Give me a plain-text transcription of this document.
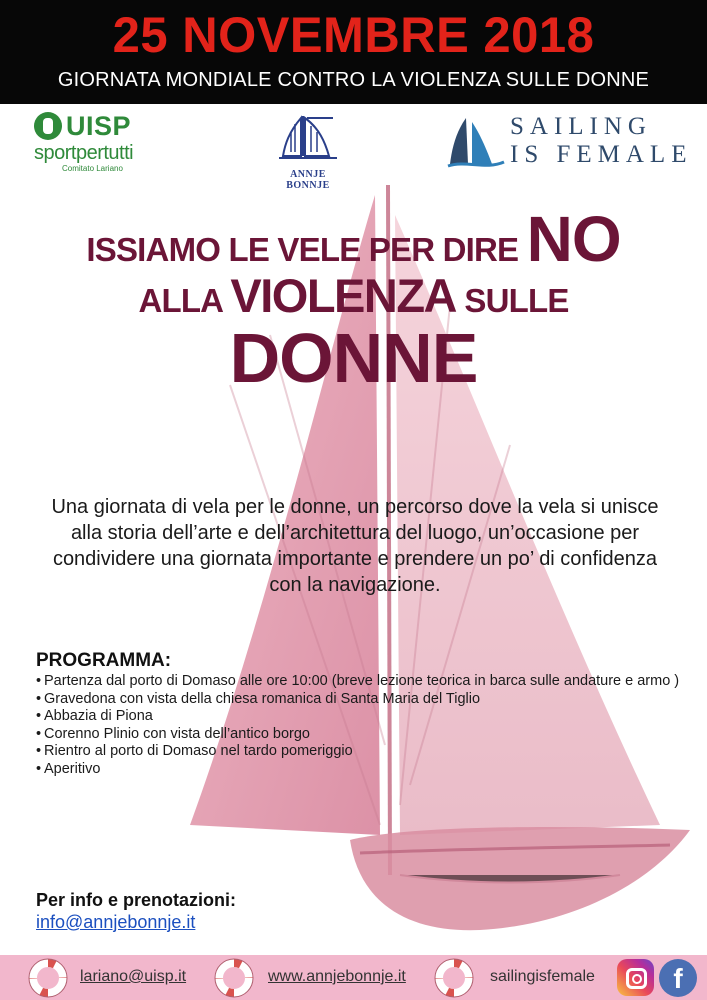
25 NOVEMBRE 2018
GIORNATA MONDIALE CONTRO LA VIOLENZA SULLE DONNE
UISP
sportpertutti
Comitato Lariano
ANNJE BONNJE
SAILING
IS FEMALE
ISSIAMO LE VELE PER DIRE NO
ALLA VIOLENZA SULLE
DONNE
Una giornata di vela per le donne, un percorso dove la vela si unisce alla storia dell’arte e dell’architettura del luogo, un’occasione per condividere una giornata importante e prendere un po’ di confidenza con la navigazione.
PROGRAMMA:
• Partenza dal porto di Domaso alle ore 10:00 (breve lezione teorica in barca sulle andature e armo )
• Gravedona con vista della chiesa romanica di Santa Maria del Tiglio
• Abbazia di Piona
• Corenno Plinio con vista dell’antico borgo
• Rientro al porto di Domaso nel tardo pomeriggio
• Aperitivo
Per info e prenotazioni:
info@annjebonnje.it
lariano@uisp.it	www.annjebonnje.it	sailingisfemale	f
